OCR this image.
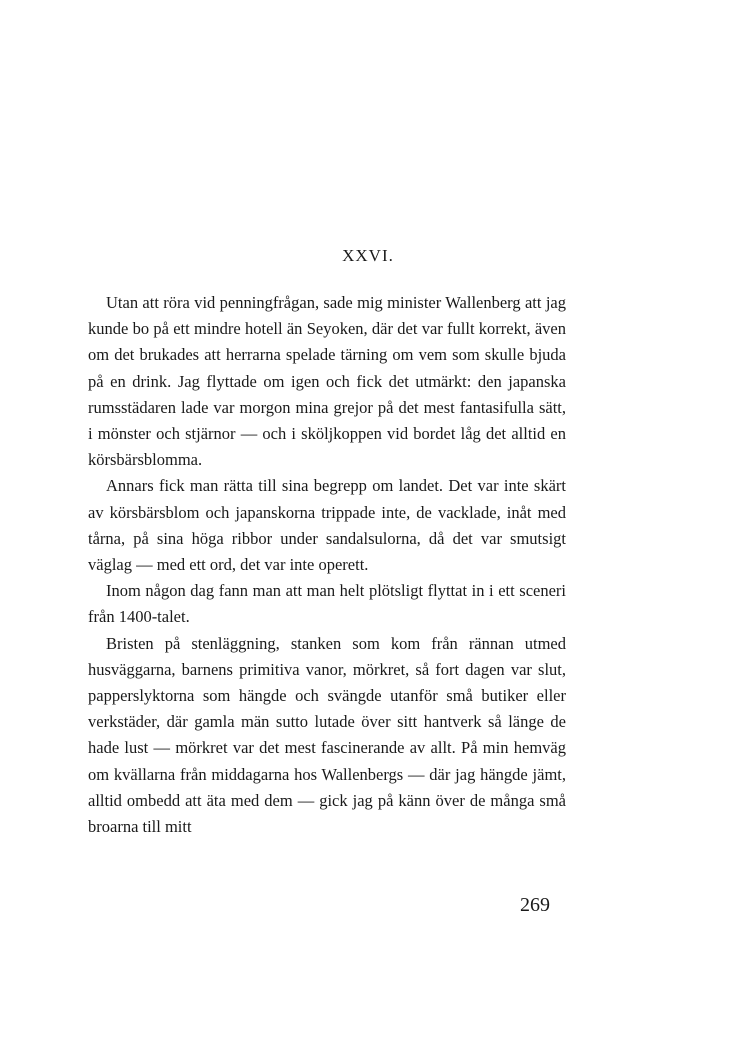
XXVI.

Utan att röra vid penningfrågan, sade mig minister Wallenberg att jag kunde bo på ett mindre hotell än Seyoken, där det var fullt korrekt, även om det brukades att herrarna spelade tärning om vem som skulle bjuda på en drink. Jag flyttade om igen och fick det utmärkt: den japanska rumsstädaren lade var morgon mina grejor på det mest fantasifulla sätt, i mönster och stjärnor — och i sköljkoppen vid bordet låg det alltid en körsbärsblomma.

Annars fick man rätta till sina begrepp om landet. Det var inte skärt av körsbärsblom och japanskorna trippade inte, de vacklade, inåt med tårna, på sina höga ribbor under sandalsulorna, då det var smutsigt väglag — med ett ord, det var inte operett.

Inom någon dag fann man att man helt plötsligt flyttat in i ett sceneri från 1400-talet.

Bristen på stenläggning, stanken som kom från rännan utmed husväggarna, barnens primitiva vanor, mörkret, så fort dagen var slut, papperslyktorna som hängde och svängde utanför små butiker eller verkstäder, där gamla män sutto lutade över sitt hantverk så länge de hade lust — mörkret var det mest fascinerande av allt. På min hemväg om kvällarna från middagarna hos Wallenbergs — där jag hängde jämt, alltid ombedd att äta med dem — gick jag på känn över de många små broarna till mitt

269
